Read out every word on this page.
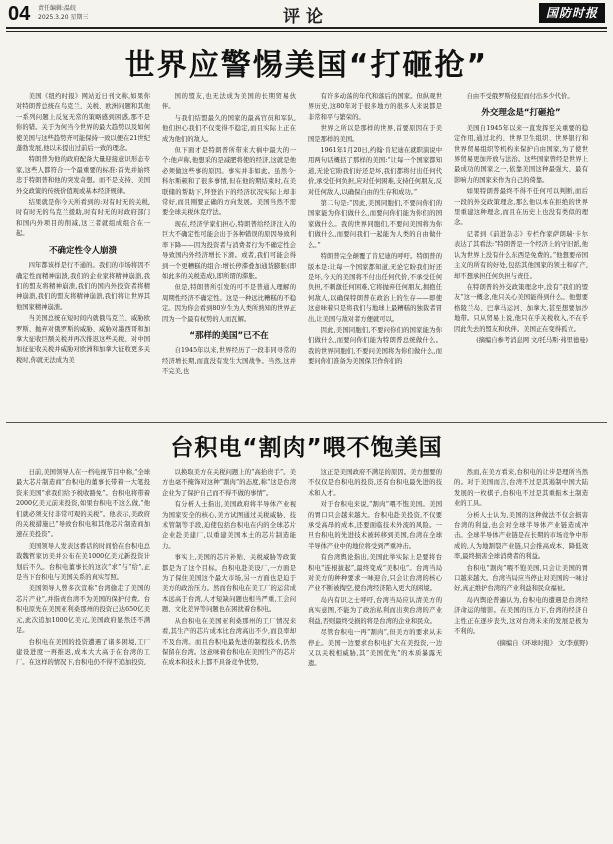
04 责任编辑:温皖
2025.3.20 星期三	评论	国防时报
世界应警惕美国“打砸抢”

美国《纽约时报》网站近日刊文称,如果你对特朗普总统在鸟克兰、关税、欧洲问题和其他一系列问题上反复无常的策略感到困惑,那不是你的错。关于为何当今世界的最大趋势以及如何使美国与这些趋势齐可能保持一致以便在21世纪蓬勃发展,他以未提出过前后一致的理念。

特朗普为他的政府配备大量迎接意识形态专家,这些人都符合一个最重要的标准:首先并始终忠于特朗普和他的突发奇想。而不是支持、美国外交政策的传统价值观或基本经济规律。

结果就是你今天所看到的:对有时无的关税,时有时无的鸟克兰援助,时有时无的对政府部门和国内外项目的削减,这三者就组成组合在一起。

不确定性令人崩溃

四年都该样是行不通的。我们的市场将因不确定性而精神崩溃,我们的企业家将精神崩溃,我们的盟友将精神崩溃,我们的国内外投资者将精神崩溃,我们的盟友将精神崩溃,我们将让世界其他国家精神崩溃。

当美国总统在短时间内就俄鸟克兰、威胁欧罗斯、抛弃对俄罗斯的威胁、威胁对墨西哥和加拿大征收巨额关税并再次推迟这些关税、对中国加征征收关税并威胁对欧洲和加拿大征收更多关税时,你就无法成为美

国的盟友,也无法成为美国的长期贸易伙伴。

与我们结盟最久的国家的最高官员和军队,他们担心我们不仅变得不稳定,而且实际上正在成为他们的敌人。

但下面才是特朗普所带来大祸中最大的一个:他声称,他想采的是减肥将使的经济,这就是他必须做这些事的原因。事实并非如此。虽然今·科尔斯顿和了很多事情,但在他的期结束时,在美联储的帮助下,拜登治下的经济状况实际上却非常好,而且刚要正确的方向发展。美国当然不需要全球关税休克疗法。

现在,经济学家们担心,特朗普给经济注入的巨大不确定性可能会出于各种错误的原因导致利率下降——因为投资者与消费者行为不确定性会导致国内外经济增长下滑。或者,我们可能会得到一个更糟糕的组合:增长停滞叠加通货膨胀(即如此多的关税造成),即所谓的滞胀。

但是,特朗普所引发的可不是普通人理解的周期性经济不确定性。这是一种远比糟糕的不稳定。因为你会看到80岁生为人类所熟知的世界正因为一个最有权势的人而瓦解。

“那样的美国”已不在

自1945年以来,世界经历了一段非同寻常的经济增长期,而直没有发生大国战争。当然,这并不完美,也

有许多动荡的年代和落后的国家。但纵观世界历史,这80年对于很多地方的很多人来说都是非常和平与繁荣的。

世界之所以是那样的世界,首要原因在于美国是那样的美国。

1961年1月20日,约翰·肯尼迪在就职演说中用两句话概括了那样的美国:“让每一个国家都知道,无论它盼我们好还是坏,我们都将付出任何代价,承受任何负担,应对任何困难,支持任何朋友,反对任何敌人,以确保自由的生存和成功。”

第二句是:“因此,美国同胞们,不要问你们的国家能为你们做什么,而要问你们能为你们的国家做什么。我的世界同胞们,不要问美国将为你们做什么,而要问我们一起能为人类的自由做什么。”

特朗普完全颠覆了肯尼迪的呼吁。特朗普的版本是:让每一个国家都知道,无论它盼我们好还是坏,今天的美国将不付出任何代价,不承受任何负担,不刺激任何困难,它将抛弃任何朋友,拥抱任何敌人,以确保特朗普在政治上的生存——即使这意味着只是将我们与地球上最糟糕的独裁者冒出,让美国与敌对者方便就可以。

因此,美国同胞们,不要问你们的国家能为你们做什么,而要问你们能为特朗普总统做什么。我的世界同胞们,不要问美国将为你们做什么,而要问你们准备为美国保卫作你们的

自由不受俄罗斯侵犯而付出多少代价。

外交理念是“打砸抢”

美国自1945年以来一直发挥至关重要的稳定作用,通过北约、世界卫生组织、世界银行和世界贸易组织等机构来保护自由国家,为了使世界贸易更加开放与法治。这些国家曾经是世界上最成功的国家之一,依靠美国这种最强大、最有影响力的国家来作为自己的倚靠。

如果特朗普最终不得不任何可以判断,而后一段的外交政策理念,那么他以本在拒绝的世界里重建这种理念,而且在历史上也没有类似的理念。

记者到《前进杂志》专栏作家萨朗瑞·卡尔表达了其看法:“特朗普是一个经济上的守旧派,他认为世界上没有什么东西是免费的。”他想要帝国主义的所有的好处,包括其他国家的领土和矿产,却不想承担任何负担与责任。

在特朗普的外交政策理念中,没有“我们的盟友”这一概念,他只关心美国能得到什么。他想要格陵兰岛、巴拿马运河、加拿大,甚至想要加沙地带。只从贸易上说,他只在乎关税收入,不在乎因此失去的盟友和伙伴。美国正在变得孤立。

(摘编自参考消息网 文/托马斯·弗里德曼)

台积电“割肉”喂不饱美国

日前,美国领导人在一档电视节目中称,“全球最大芯片制造商”台积电的董事长带着一大笔投资来美国“求我们给予税收豁免”。台积电将带着2000亿美元前来投资,如果台积电不这么做,“他们就必须支付非常可观的关税”。他表示,美政府的关税措施已“导致台积电和其他芯片制造商加速在美投资”。

美国领导人发表这番话的时间恰在台积电总裁魏哲家访美并公布在美1000亿美元新投资计划后不久。台积电董事长的这次“求”与“给”,正是当下台积电与美国关系的真实写照。

美国领导人曾多次宣称“台湾偷走了美国的芯片产业”,并指责台湾不为美国的保护付费。台积电原先在美国亚利桑那州的投资已达650亿美元,此次追加1000亿美元,美国政府显然还不满足。

台积电在美国的投资遭遇了诸多困境,工厂建设进度一再推迟,成本大大高于在台湾的工厂。在这样的情况下,台积电仍不得不追加投资,

以换取美方在关税问题上的“高抬贵手”。美方也毫不掩饰对这种“割肉”的态度,称“这是台湾企业为了保护自己而不得不做的事情”。

有分析人士指出,美国政府将半导体产业视为国家安全的核心,美方试图通过关税威胁、技术管制等手段,迫使包括台积电在内的全球芯片企业赴美建厂,以重建美国本土的芯片制造能力。

事实上,美国的芯片补贴、关税威胁等政策都是为了这个目标。台积电赴美设厂,一方面是为了保住美国这个最大市场,另一方面也是迫于美方的政治压力。然而台积电在美工厂的运营成本远高于台湾,人才短缺问题也相当严重,工会问题、文化差异等问题也在困扰着台积电。

从台积电在美国亚利桑那州的工厂情况来看,其生产的芯片成本比台湾高出不少,而良率却不及台湾。而且台积电最先进的制程技术,仍然保留在台湾。这意味着台积电在美国生产的芯片在成本和技术上都不具备竞争优势,

这正是美国政府不满足的原因。美方想要的不仅仅是台积电的投资,还有台积电最先进的技术和人才。

对于台积电来说,“割肉”喂不饱美国。美国的胃口只会越来越大。台积电赴美投资,不仅要承受高昂的成本,还要面临技术外流的风险。一旦台积电的先进技术被转移到美国,台湾在全球半导体产业中的地位将受到严重冲击。

有台湾舆论指出,美国此举实际上是要将台积电“连根拔起”,最终变成“美积电”。台湾当局对美方的种种要求一味迎合,只会让台湾的核心产业不断被掏空,使台湾经济陷入更大的困境。

岛内有识之士呼吁,台湾当局应认清美方的真实意图,不能为了政治私利而出卖台湾的产业利益,否则最终受损的将是台湾的企业和民众。

尽管台积电一再“割肉”,但美方的要求从未停止。美国一边要求台积电扩大在美投资,一边又以关税相威胁,其“美国优先”的本质暴露无遗。

然而,在美方看来,台积电的让步是理所当然的。对于美国而言,台湾不过是其遏制中国大陆发展的一枚棋子,台积电不过是其重振本土制造业的工具。

分析人士认为,美国的这种做法不仅会损害台湾的利益,也会对全球半导体产业链造成冲击。全球半导体产业链是在长期的市场竞争中形成的,人为地割裂产业链,只会推高成本、降低效率,最终损害全球消费者的利益。

台积电“割肉”喂不饱美国,只会让美国的胃口越来越大。台湾当局应当停止对美国的一味讨好,真正维护台湾的产业利益和民众福祉。

岛内舆论普遍认为,台积电的遭遇是台湾经济命运的缩影。在美国的压力下,台湾的经济自主性正在逐步丧失,这对台湾未来的发展是极为不利的。

(摘编自《环球时报》 文/李蕉野)
